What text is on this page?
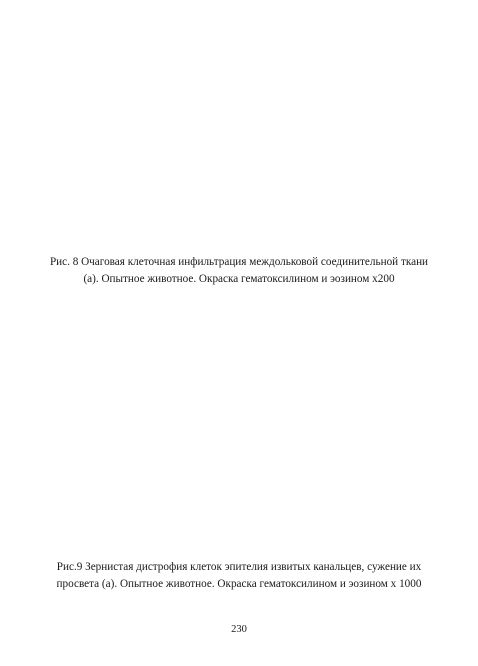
Рис. 8 Очаговая клеточная инфильтрация междольковой соединительной ткани
(а). Опытное животное. Окраска гематоксилином и эозином х200
Рис.9 Зернистая дистрофия клеток эпителия извитых канальцев, сужение их
просвета (а). Опытное животное. Окраска гематоксилином и эозином х 1000
230
